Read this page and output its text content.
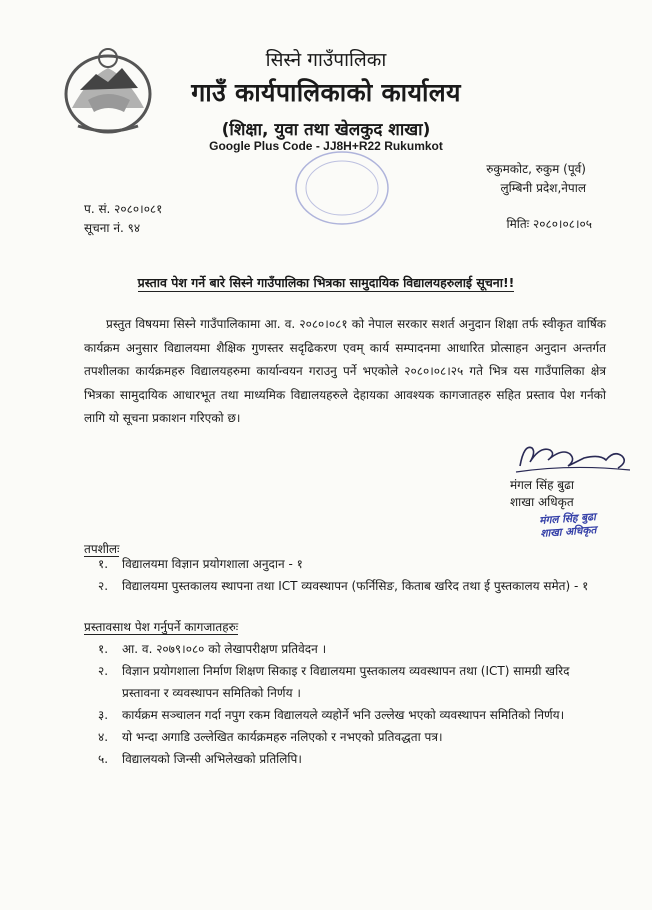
सिस्ने गाउँपालिका
गाउँ कार्यपालिकाको कार्यालय
(शिक्षा, युवा तथा खेलकुद शाखा)
Google Plus Code - JJ8H+R22 Rukumkot
रुकुमकोट, रुकुम (पूर्व)
लुम्बिनी प्रदेश,नेपाल
प. सं. २०८०।०८१
सूचना नं. ९४	मितिः २०८०।०८।०५
प्रस्ताव पेश गर्ने बारे सिस्ने गाउँपालिका भित्रका सामुदायिक विद्यालयहरुलाई सूचना!!
प्रस्तुत विषयमा सिस्ने गाउँपालिकामा आ. व. २०८०।०८१ को नेपाल सरकार सशर्त अनुदान शिक्षा तर्फ स्वीकृत वार्षिक कार्यक्रम अनुसार विद्यालयमा शैक्षिक गुणस्तर सदृढिकरण एवम् कार्य सम्पादनमा आधारित प्रोत्साहन अनुदान अन्तर्गत तपशीलका कार्यक्रमहरु विद्यालयहरुमा कार्यान्वयन गराउनु पर्ने भएकोले २०८०।०८।२५ गते भित्र यस गाउँपालिका क्षेत्र भित्रका सामुदायिक आधारभूत तथा माध्यमिक विद्यालयहरुले देहायका आवश्यक कागजातहरु सहित प्रस्ताव पेश गर्नको लागि यो सूचना प्रकाशन गरिएको छ।
मंगल सिंह बुढा
शाखा अधिकृत
मंगल सिंह बुढा
शाखा अधिकृत
तपशीलः
१. विद्यालयमा विज्ञान प्रयोगशाला अनुदान - १
२. विद्यालयमा पुस्तकालय स्थापना तथा ICT व्यवस्थापन (फर्निसिङ, किताब खरिद तथा ई पुस्तकालय समेत) - १
प्रस्तावसाथ पेश गर्नुपर्ने कागजातहरुः
१. आ. व. २०७९।०८० को लेखापरीक्षण प्रतिवेदन ।
२. विज्ञान प्रयोगशाला निर्माण शिक्षण सिकाइ र विद्यालयमा पुस्तकालय व्यवस्थापन तथा (ICT) सामग्री खरिद प्रस्तावना र व्यवस्थापन समितिको निर्णय ।
३. कार्यक्रम सञ्चालन गर्दा नपुग रकम विद्यालयले व्यहोर्ने भनि उल्लेख भएको व्यवस्थापन समितिको निर्णय।
४. यो भन्दा अगाडि उल्लेखित कार्यक्रमहरु नलिएको र नभएको प्रतिवद्धता पत्र।
५. विद्यालयको जिन्सी अभिलेखको प्रतिलिपि।
